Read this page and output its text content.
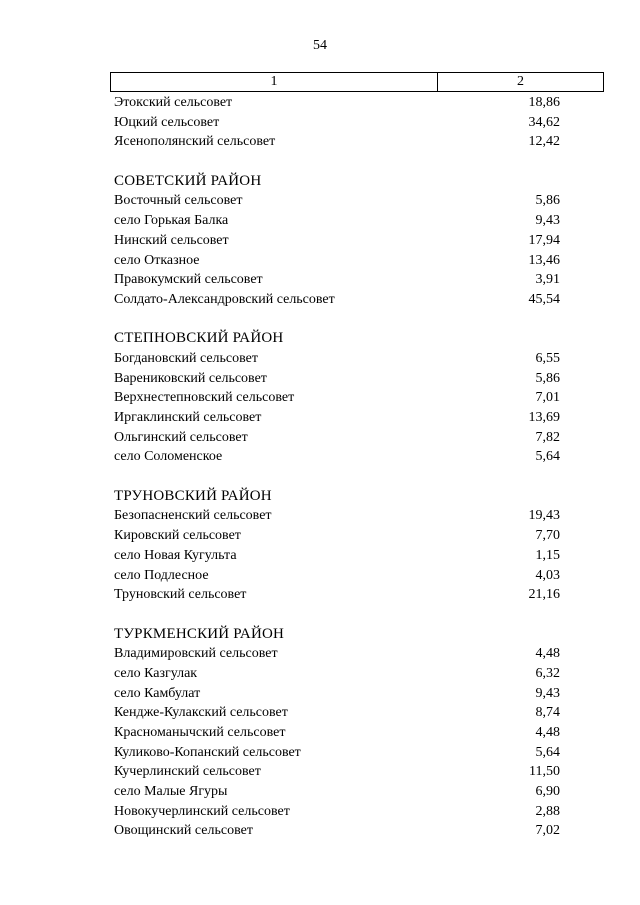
54
1	2
Этокский сельсовет	18,86
Юцкий сельсовет	34,62
Ясенополянский сельсовет	12,42
СОВЕТСКИЙ РАЙОН
Восточный сельсовет	5,86
село Горькая Балка	9,43
Нинский сельсовет	17,94
село Отказное	13,46
Правокумский сельсовет	3,91
Солдато-Александровский сельсовет	45,54
СТЕПНОВСКИЙ РАЙОН
Богдановский сельсовет	6,55
Варениковский сельсовет	5,86
Верхнестепновский сельсовет	7,01
Иргаклинский сельсовет	13,69
Ольгинский сельсовет	7,82
село Соломенское	5,64
ТРУНОВСКИЙ РАЙОН
Безопасненский сельсовет	19,43
Кировский сельсовет	7,70
село Новая Кугульта	1,15
село Подлесное	4,03
Труновский сельсовет	21,16
ТУРКМЕНСКИЙ РАЙОН
Владимировский сельсовет	4,48
село Казгулак	6,32
село Камбулат	9,43
Кендже-Кулакский сельсовет	8,74
Красноманычский сельсовет	4,48
Куликово-Копанский сельсовет	5,64
Кучерлинский сельсовет	11,50
село Малые Ягуры	6,90
Новокучерлинский сельсовет	2,88
Овощинский сельсовет	7,02
